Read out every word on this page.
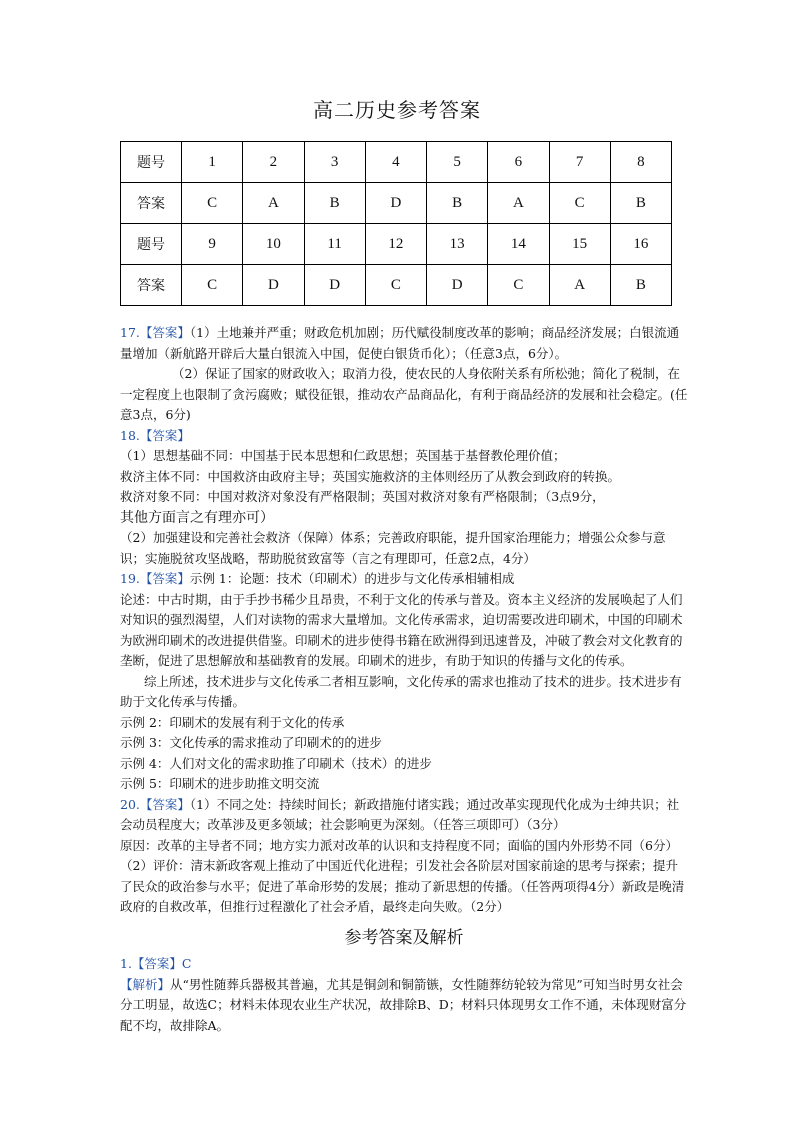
高二历史参考答案
题号	1	2	3	4	5	6	7	8
答案	C	A	B	D	B	A	C	B
题号	9	10	11	12	13	14	15	16
答案	C	D	D	C	D	C	A	B

17.【答案】（1）土地兼并严重；财政危机加剧；历代赋役制度改革的影响；商品经济发展；白银流通量增加（新航路开辟后大量白银流入中国，促使白银货币化）；（任意3点，6分）。

（2）保证了国家的财政收入；取消力役，使农民的人身依附关系有所松弛；简化了税制，在一定程度上也限制了贪污腐败；赋役征银，推动农产品商品化，有利于商品经济的发展和社会稳定。(任意3点，6分)

18.【答案】

（1）思想基础不同：中国基于民本思想和仁政思想；英国基于基督教伦理价值；

救济主体不同：中国救济由政府主导；英国实施救济的主体则经历了从教会到政府的转换。

救济对象不同：中国对救济对象没有严格限制；英国对救济对象有严格限制；（3点9分，

其他方面言之有理亦可）

（2）加强建设和完善社会救济（保障）体系；完善政府职能，提升国家治理能力；增强公众参与意识；实施脱贫攻坚战略，帮助脱贫致富等（言之有理即可，任意2点，4分）

19.【答案】示例 1：论题：技术（印刷术）的进步与文化传承相辅相成

论述：中古时期，由于手抄书稀少且昂贵，不利于文化的传承与普及。资本主义经济的发展唤起了人们对知识的强烈渴望，人们对读物的需求大量增加。文化传承需求，迫切需要改进印刷术，中国的印刷术为欧洲印刷术的改进提供借鉴。印刷术的进步使得书籍在欧洲得到迅速普及，冲破了教会对文化教育的垄断，促进了思想解放和基础教育的发展。印刷术的进步，有助于知识的传播与文化的传承。

综上所述，技术进步与文化传承二者相互影响，文化传承的需求也推动了技术的进步。技术进步有助于文化传承与传播。

示例 2：印刷术的发展有利于文化的传承

示例 3：文化传承的需求推动了印刷术的的进步

示例 4：人们对文化的需求助推了印刷术（技术）的进步

示例 5：印刷术的进步助推文明交流

20.【答案】（1）不同之处：持续时间长；新政措施付诸实践；通过改革实现现代化成为士绅共识；社会动员程度大；改革涉及更多领域；社会影响更为深刻。（任答三项即可）（3分）

原因：改革的主导者不同；地方实力派对改革的认识和支持程度不同；面临的国内外形势不同（6分）

（2）评价：清末新政客观上推动了中国近代化进程；引发社会各阶层对国家前途的思考与探索；提升了民众的政治参与水平；促进了革命形势的发展；推动了新思想的传播。（任答两项得4分）新政是晚清政府的自救改革，但推行过程激化了社会矛盾，最终走向失败。（2分）

参考答案及解析

1.【答案】C

【解析】从“男性随葬兵器极其普遍，尤其是铜剑和铜箭镞，女性随葬纺轮较为常见”可知当时男女社会分工明显，故选C；材料未体现农业生产状况，故排除B、D；材料只体现男女工作不通，未体现财富分配不均，故排除A。
